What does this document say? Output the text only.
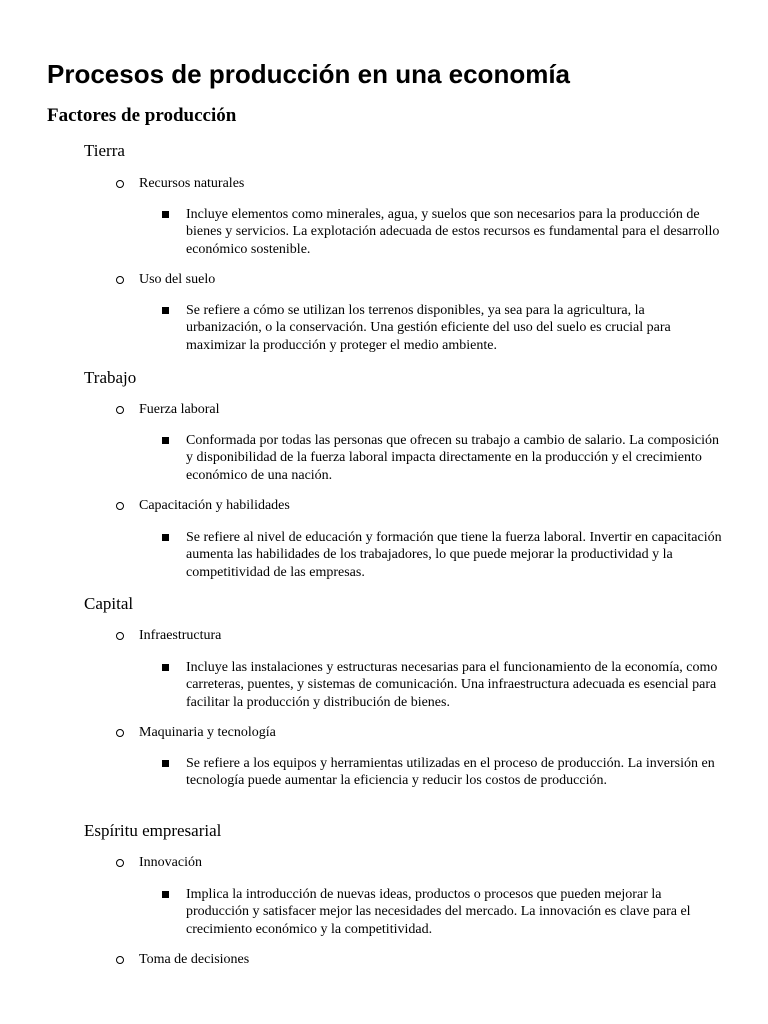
Procesos de producción en una economía
Factores de producción
Tierra
Recursos naturales
Incluye elementos como minerales, agua, y suelos que son necesarios para la producción de bienes y servicios. La explotación adecuada de estos recursos es fundamental para el desarrollo económico sostenible.
Uso del suelo
Se refiere a cómo se utilizan los terrenos disponibles, ya sea para la agricultura, la urbanización, o la conservación. Una gestión eficiente del uso del suelo es crucial para maximizar la producción y proteger el medio ambiente.
Trabajo
Fuerza laboral
Conformada por todas las personas que ofrecen su trabajo a cambio de salario. La composición y disponibilidad de la fuerza laboral impacta directamente en la producción y el crecimiento económico de una nación.
Capacitación y habilidades
Se refiere al nivel de educación y formación que tiene la fuerza laboral. Invertir en capacitación aumenta las habilidades de los trabajadores, lo que puede mejorar la productividad y la competitividad de las empresas.
Capital
Infraestructura
Incluye las instalaciones y estructuras necesarias para el funcionamiento de la economía, como carreteras, puentes, y sistemas de comunicación. Una infraestructura adecuada es esencial para facilitar la producción y distribución de bienes.
Maquinaria y tecnología
Se refiere a los equipos y herramientas utilizadas en el proceso de producción. La inversión en tecnología puede aumentar la eficiencia y reducir los costos de producción.
Espíritu empresarial
Innovación
Implica la introducción de nuevas ideas, productos o procesos que pueden mejorar la producción y satisfacer mejor las necesidades del mercado. La innovación es clave para el crecimiento económico y la competitividad.
Toma de decisiones
